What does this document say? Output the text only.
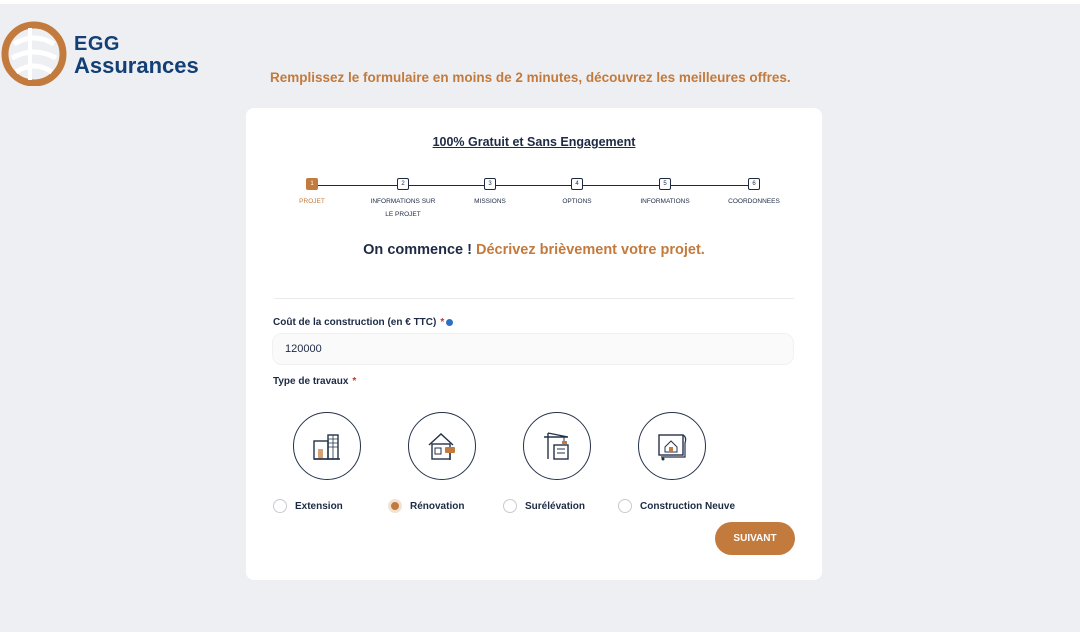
EGG
Assurances	Remplissez le formulaire en moins de 2 minutes, découvrez les meilleures offres.
100% Gratuit et Sans Engagement
1
PROJET
2
INFORMATIONS SUR LE PROJET
3
MISSIONS
4
OPTIONS
5
INFORMATIONS
6
COORDONNEES
On commence ! Décrivez brièvement votre projet.
Coût de la construction (en € TTC) *
120000
Type de travaux *
Extension	Rénovation	Surélévation	Construction Neuve
SUIVANT
